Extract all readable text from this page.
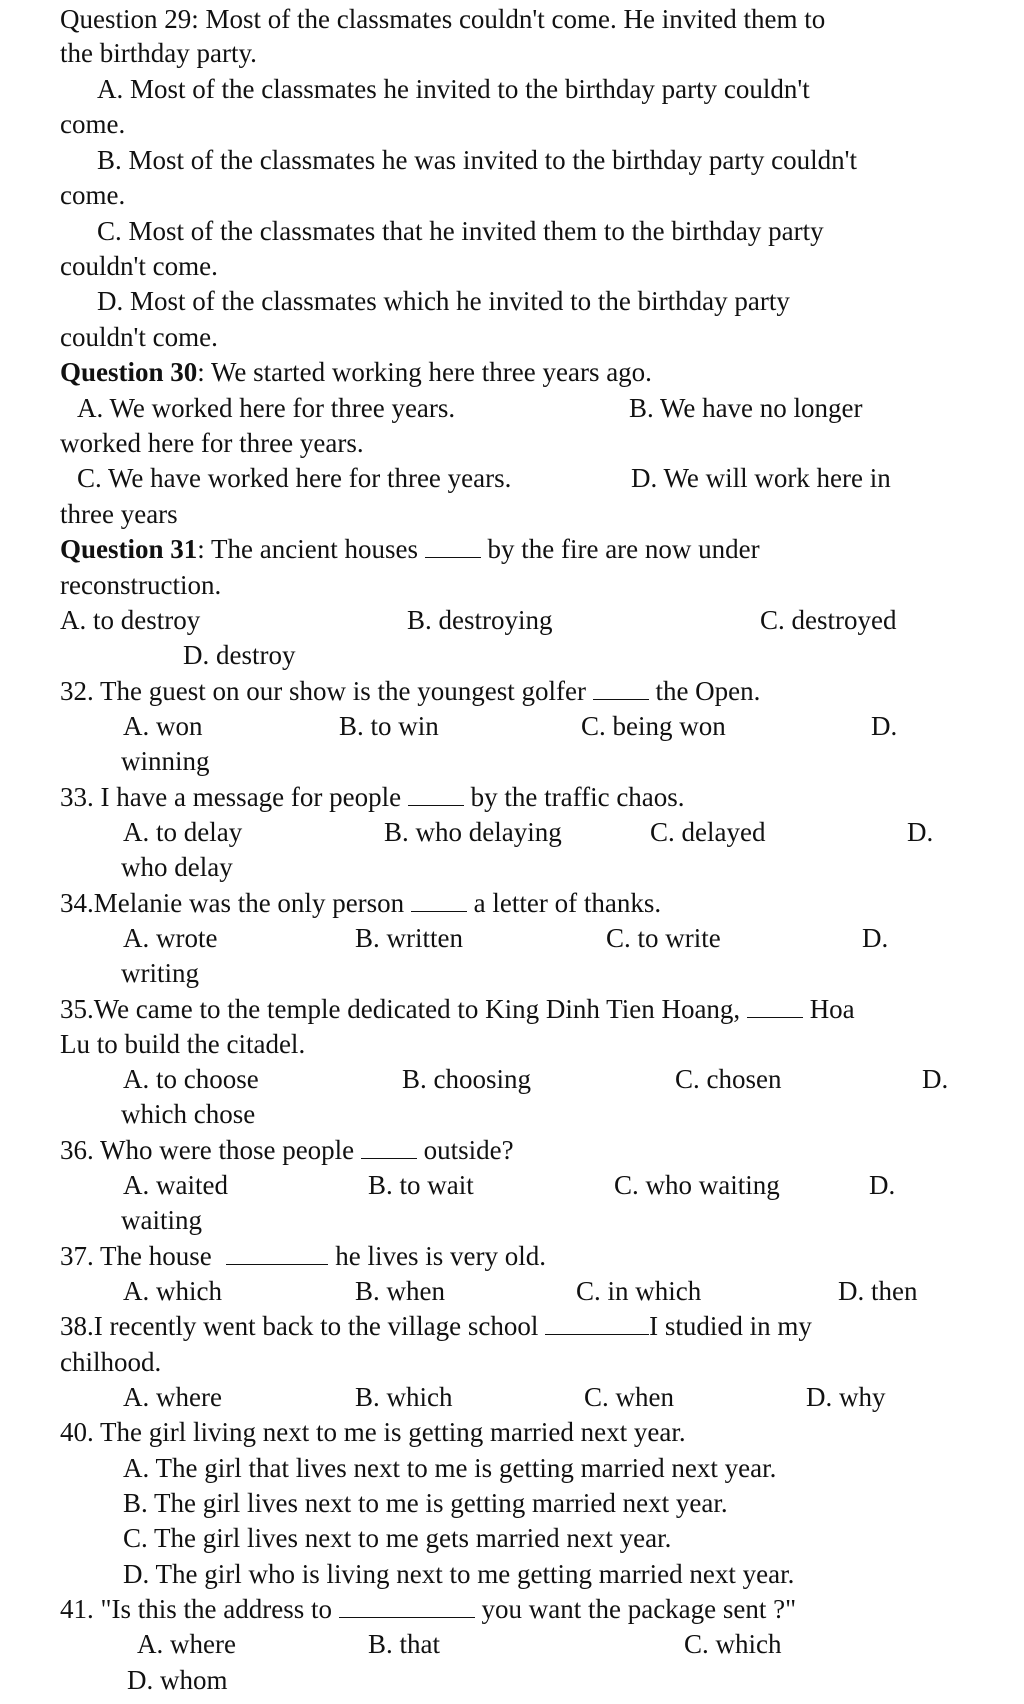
Question 29: Most of the classmates couldn't come. He invited them to
the birthday party.
A. Most of the classmates he invited to the birthday party couldn't
come.
B. Most of the classmates he was invited to the birthday party couldn't
come.
C. Most of the classmates that he invited them to the birthday party
couldn't come.
D. Most of the classmates which he invited to the birthday party
couldn't come.
Question 30: We started working here three years ago.
A. We worked here for three years.	B. We have no longer
worked here for three years.
C. We have worked here for three years.	D. We will work here in
three years
Question 31: The ancient houses	by the fire are now under
reconstruction.
A. to destroy	B. destroying	C. destroyed
D. destroy
32. The guest on our show is the youngest golfer	the Open.
A. won	B. to win	C. being won	D.
winning
33. I have a message for people	by the traffic chaos.
A. to delay	B. who delaying	C. delayed	D.
who delay
34.Melanie was the only person	a letter of thanks.
A. wrote	B. written	C. to write	D.
writing
35.We came to the temple dedicated to King Dinh Tien Hoang,	Hoa
Lu to build the citadel.
A. to choose	B. choosing	C. chosen	D.
which chose
36. Who were those people	outside?
A. waited	B. to wait	C. who waiting	D.
waiting
37. The house	he lives is very old.
A. which	B. when	C. in which	D. then
38.I recently went back to the village school	I studied in my
chilhood.
A. where	B. which	C. when	D. why
40. The girl living next to me is getting married next year.
A. The girl that lives next to me is getting married next year.
B. The girl lives next to me is getting married next year.
C. The girl lives next to me gets married next year.
D. The girl who is living next to me getting married next year.
41. "Is this the address to	you want the package sent ?"
A. where	B. that	C. which
D. whom
